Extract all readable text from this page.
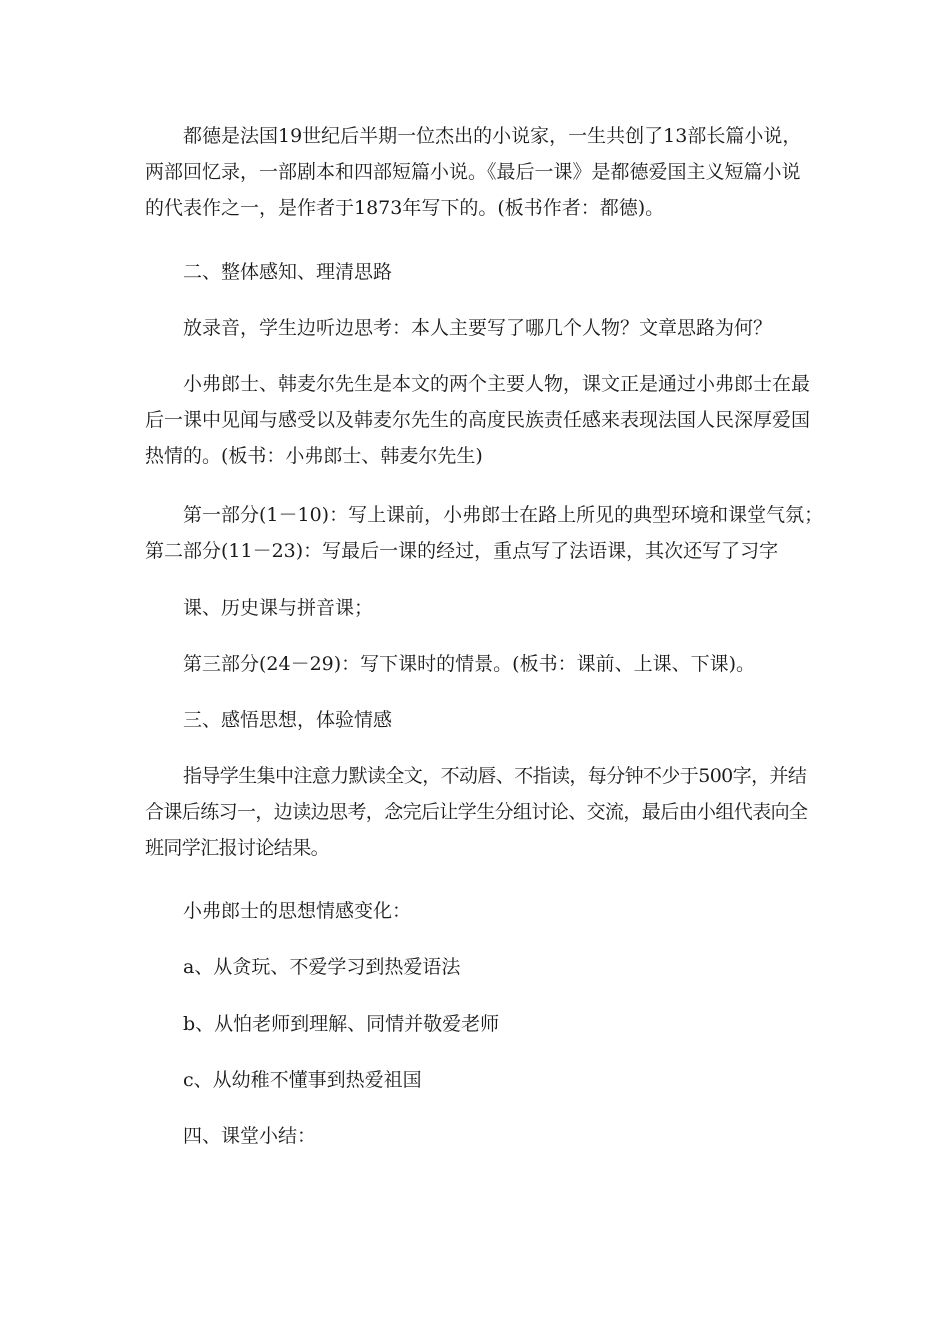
都德是法国19世纪后半期一位杰出的小说家，一生共创了13部长篇小说，两部回忆录，一部剧本和四部短篇小说。《最后一课》是都德爱国主义短篇小说的代表作之一，是作者于1873年写下的。(板书作者：都德)。

二、整体感知、理清思路

放录音，学生边听边思考：本人主要写了哪几个人物？文章思路为何？

小弗郎士、韩麦尔先生是本文的两个主要人物，课文正是通过小弗郎士在最后一课中见闻与感受以及韩麦尔先生的高度民族责任感来表现法国人民深厚爱国热情的。(板书：小弗郎士、韩麦尔先生)

第一部分(1－10)：写上课前，小弗郎士在路上所见的典型环境和课堂气氛；

第二部分(11－23)：写最后一课的经过，重点写了法语课，其次还写了习字

课、历史课与拼音课；

第三部分(24－29)：写下课时的情景。(板书：课前、上课、下课)。

三、感悟思想，体验情感

指导学生集中注意力默读全文，不动唇、不指读，每分钟不少于500字，并结合课后练习一，边读边思考，念完后让学生分组讨论、交流，最后由小组代表向全班同学汇报讨论结果。

小弗郎士的思想情感变化：

a、从贪玩、不爱学习到热爱语法

b、从怕老师到理解、同情并敬爱老师

c、从幼稚不懂事到热爱祖国

四、课堂小结：
